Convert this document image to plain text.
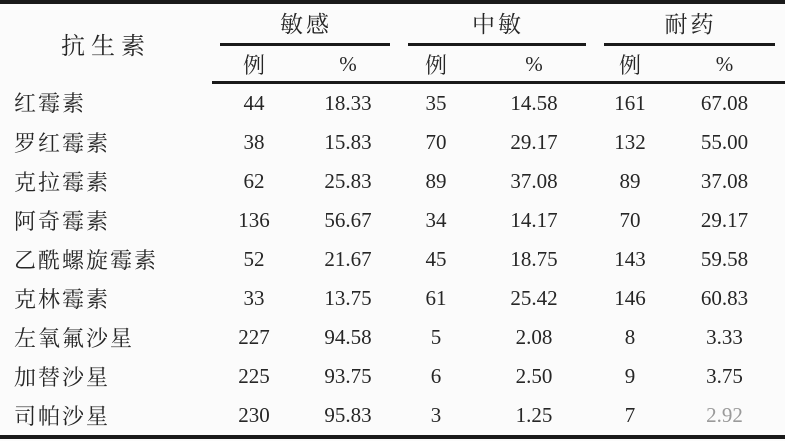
抗生素	敏感		中敏		耐药	

	例	%	例	%	例	%
红霉素	44	18.33	35	14.58	161	67.08
罗红霉素	38	15.83	70	29.17	132	55.00
克拉霉素	62	25.83	89	37.08	89	37.08
阿奇霉素	136	56.67	34	14.17	70	29.17
乙酰螺旋霉素	52	21.67	45	18.75	143	59.58
克林霉素	33	13.75	61	25.42	146	60.83
左氧氟沙星	227	94.58	5	2.08	8	3.33
加替沙星	225	93.75	6	2.50	9	3.75
司帕沙星	230	95.83	3	1.25	7	2.92
